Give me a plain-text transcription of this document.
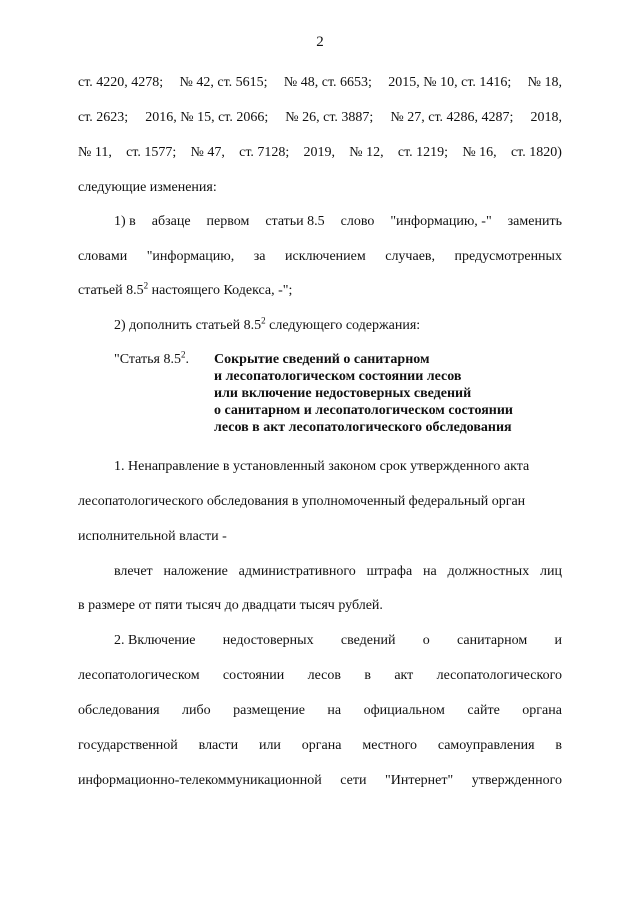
2
ст. 4220, 4278; № 42, ст. 5615; № 48, ст. 6653; 2015, № 10, ст. 1416; № 18,
ст. 2623; 2016, № 15, ст. 2066; № 26, ст. 3887; № 27, ст. 4286, 4287; 2018,
№ 11, ст. 1577; № 47, ст. 7128; 2019, № 12, ст. 1219; № 16, ст. 1820)
следующие изменения:
1) в абзаце первом статьи 8.5 слово "информацию, -" заменить
словами "информацию, за исключением случаев, предусмотренных
статьей $8.5^2$ настоящего Кодекса, -";
2) дополнить статьей $8.5^2$ следующего содержания:
"Статья $8.5^2$. Сокрытие сведений о санитарном
и лесопатологическом состоянии лесов
или включение недостоверных сведений
о санитарном и лесопатологическом состоянии
лесов в акт лесопатологического обследования
1. Ненаправление в установленный законом срок утвержденного акта
лесопатологического обследования в уполномоченный федеральный орган
исполнительной власти -
влечет наложение административного штрафа на должностных лиц
в размере от пяти тысяч до двадцати тысяч рублей.
2. Включение недостоверных сведений о санитарном и
лесопатологическом состоянии лесов в акт лесопатологического
обследования либо размещение на официальном сайте органа
государственной власти или органа местного самоуправления в
информационно-телекоммуникационной сети "Интернет" утвержденного
